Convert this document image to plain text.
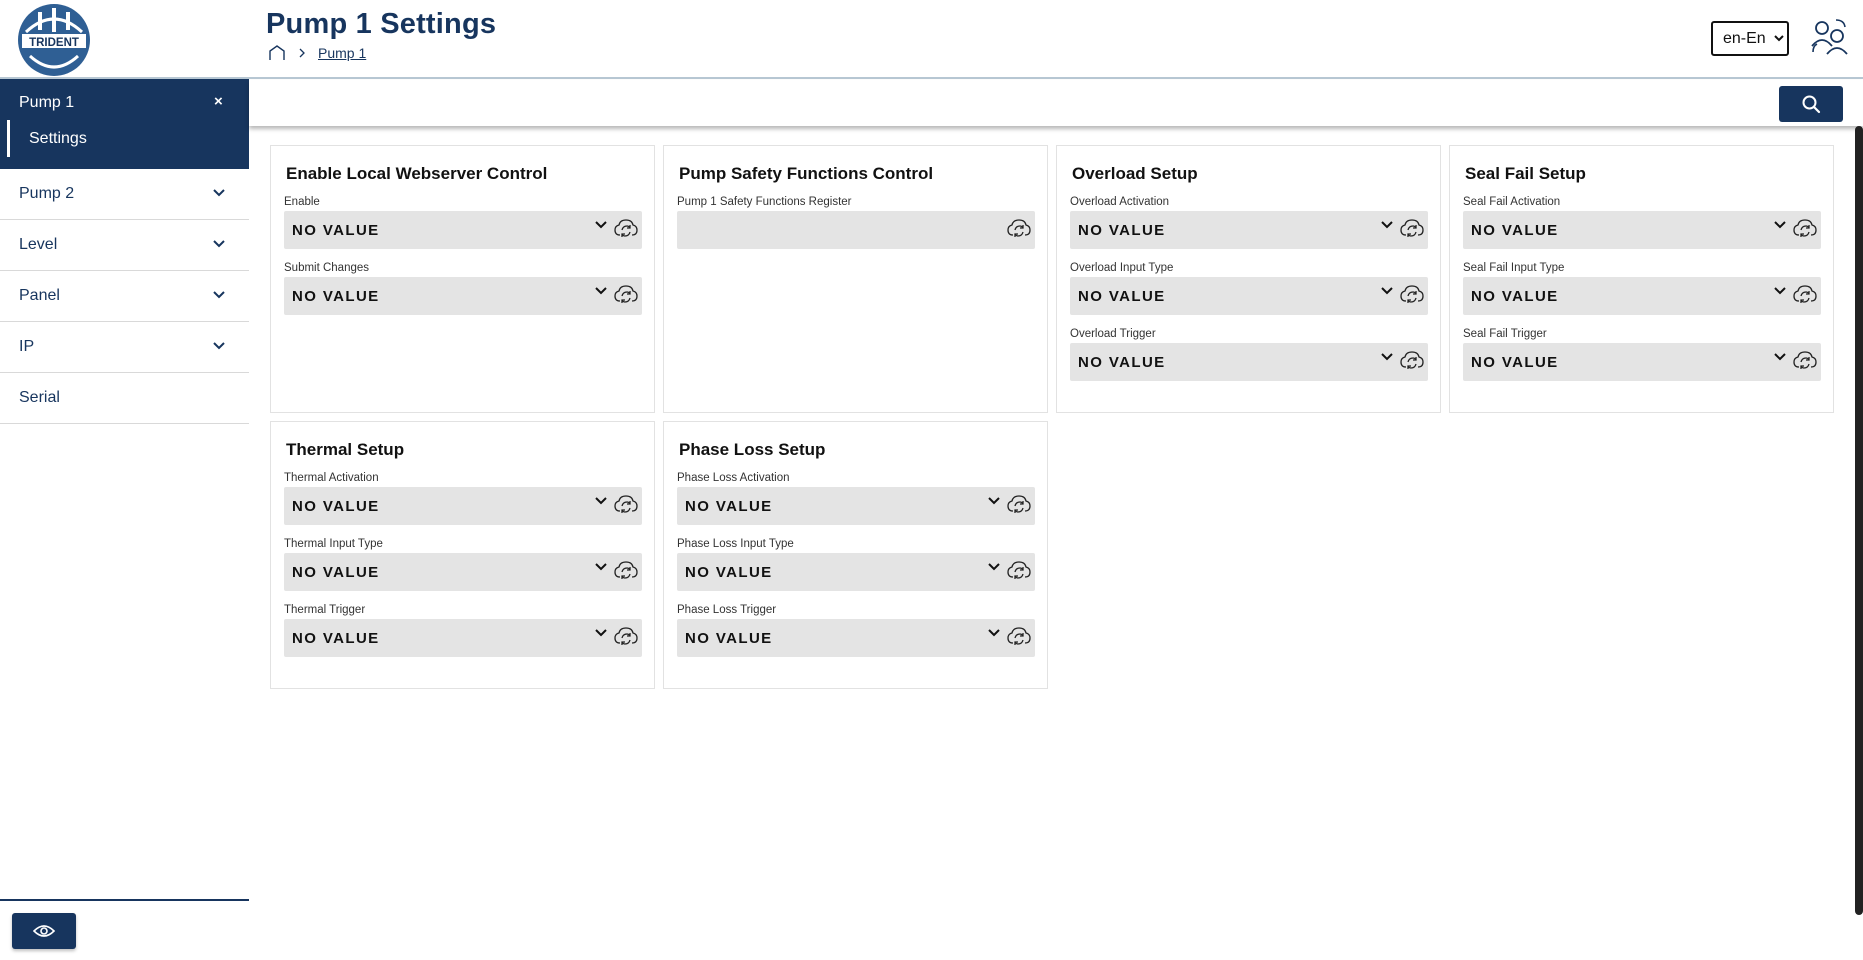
TRIDENT
Pump 1 Settings
Pump 1
en-En
Pump 1	×
Settings
Pump 2
Level
Panel
IP
Serial
Enable Local Webserver Control
Enable
NO VALUE
Submit Changes
NO VALUE
Pump Safety Functions Control
Pump 1 Safety Functions Register
Overload Setup
Overload Activation
NO VALUE
Overload Input Type
NO VALUE
Overload Trigger
NO VALUE
Seal Fail Setup
Seal Fail Activation
NO VALUE
Seal Fail Input Type
NO VALUE
Seal Fail Trigger
NO VALUE
Thermal Setup
Thermal Activation
NO VALUE
Thermal Input Type
NO VALUE
Thermal Trigger
NO VALUE
Phase Loss Setup
Phase Loss Activation
NO VALUE
Phase Loss Input Type
NO VALUE
Phase Loss Trigger
NO VALUE
